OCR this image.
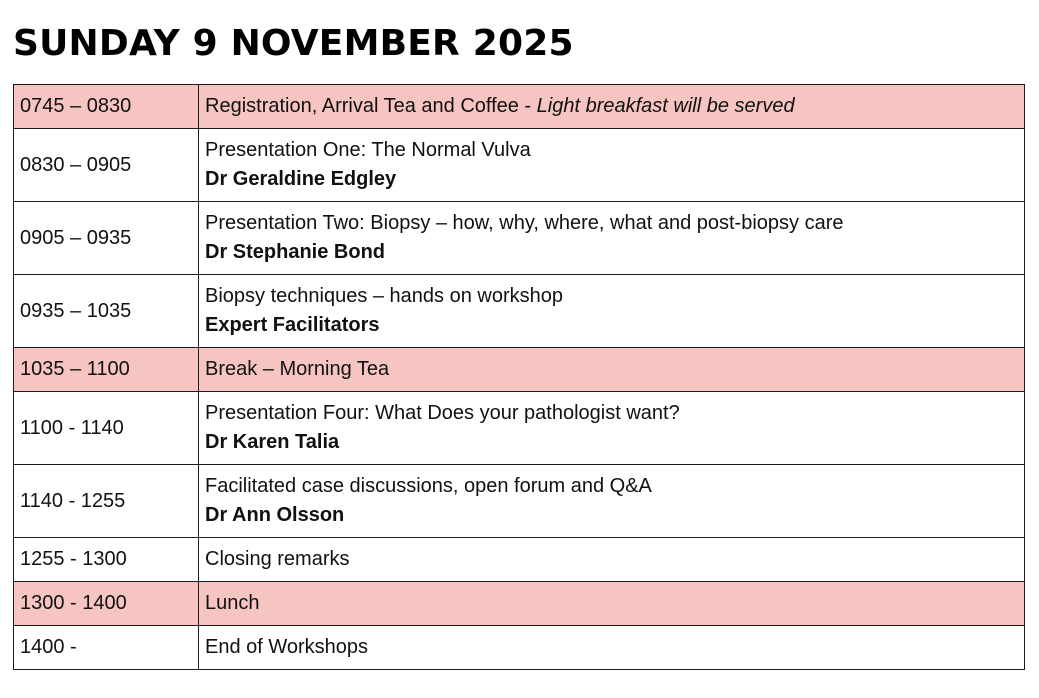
SUNDAY 9 NOVEMBER 2025
0745 – 0830	Registration, Arrival Tea and Coffee - Light breakfast will be served
0830 – 0905	Presentation One: The Normal Vulva
Dr Geraldine Edgley

0905 – 0935	Presentation Two: Biopsy – how, why, where, what and post-biopsy care
Dr Stephanie Bond

0935 – 1035	Biopsy techniques – hands on workshop
Expert Facilitators

1035 – 1100	Break – Morning Tea
1100 - 1140	Presentation Four: What Does your pathologist want?
Dr Karen Talia

1140 - 1255	Facilitated case discussions, open forum and Q&A
Dr Ann Olsson

1255 - 1300	Closing remarks
1300 - 1400	Lunch
1400 -	End of Workshops
